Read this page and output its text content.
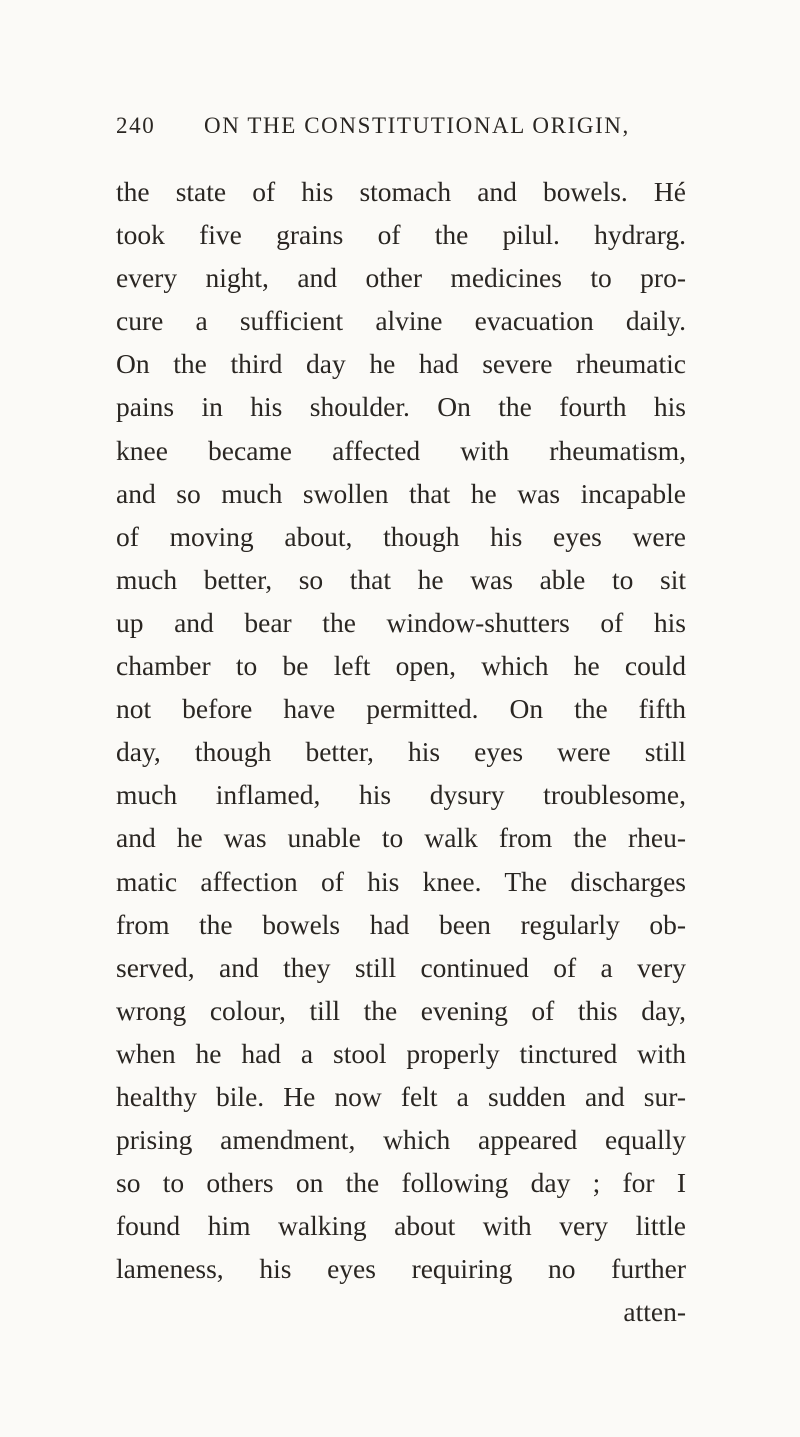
240 ON THE CONSTITUTIONAL ORIGIN,
the state of his stomach and bowels. Hé
took five grains of the pilul. hydrarg.
every night, and other medicines to pro-
cure a sufficient alvine evacuation daily.
On the third day he had severe rheumatic
pains in his shoulder. On the fourth his
knee became affected with rheumatism,
and so much swollen that he was incapable
of moving about, though his eyes were
much better, so that he was able to sit
up and bear the window-shutters of his
chamber to be left open, which he could
not before have permitted. On the fifth
day, though better, his eyes were still
much inflamed, his dysury troublesome,
and he was unable to walk from the rheu-
matic affection of his knee. The discharges
from the bowels had been regularly ob-
served, and they still continued of a very
wrong colour, till the evening of this day,
when he had a stool properly tinctured with
healthy bile. He now felt a sudden and sur-
prising amendment, which appeared equally
so to others on the following day ; for I
found him walking about with very little
lameness, his eyes requiring no further
atten-
